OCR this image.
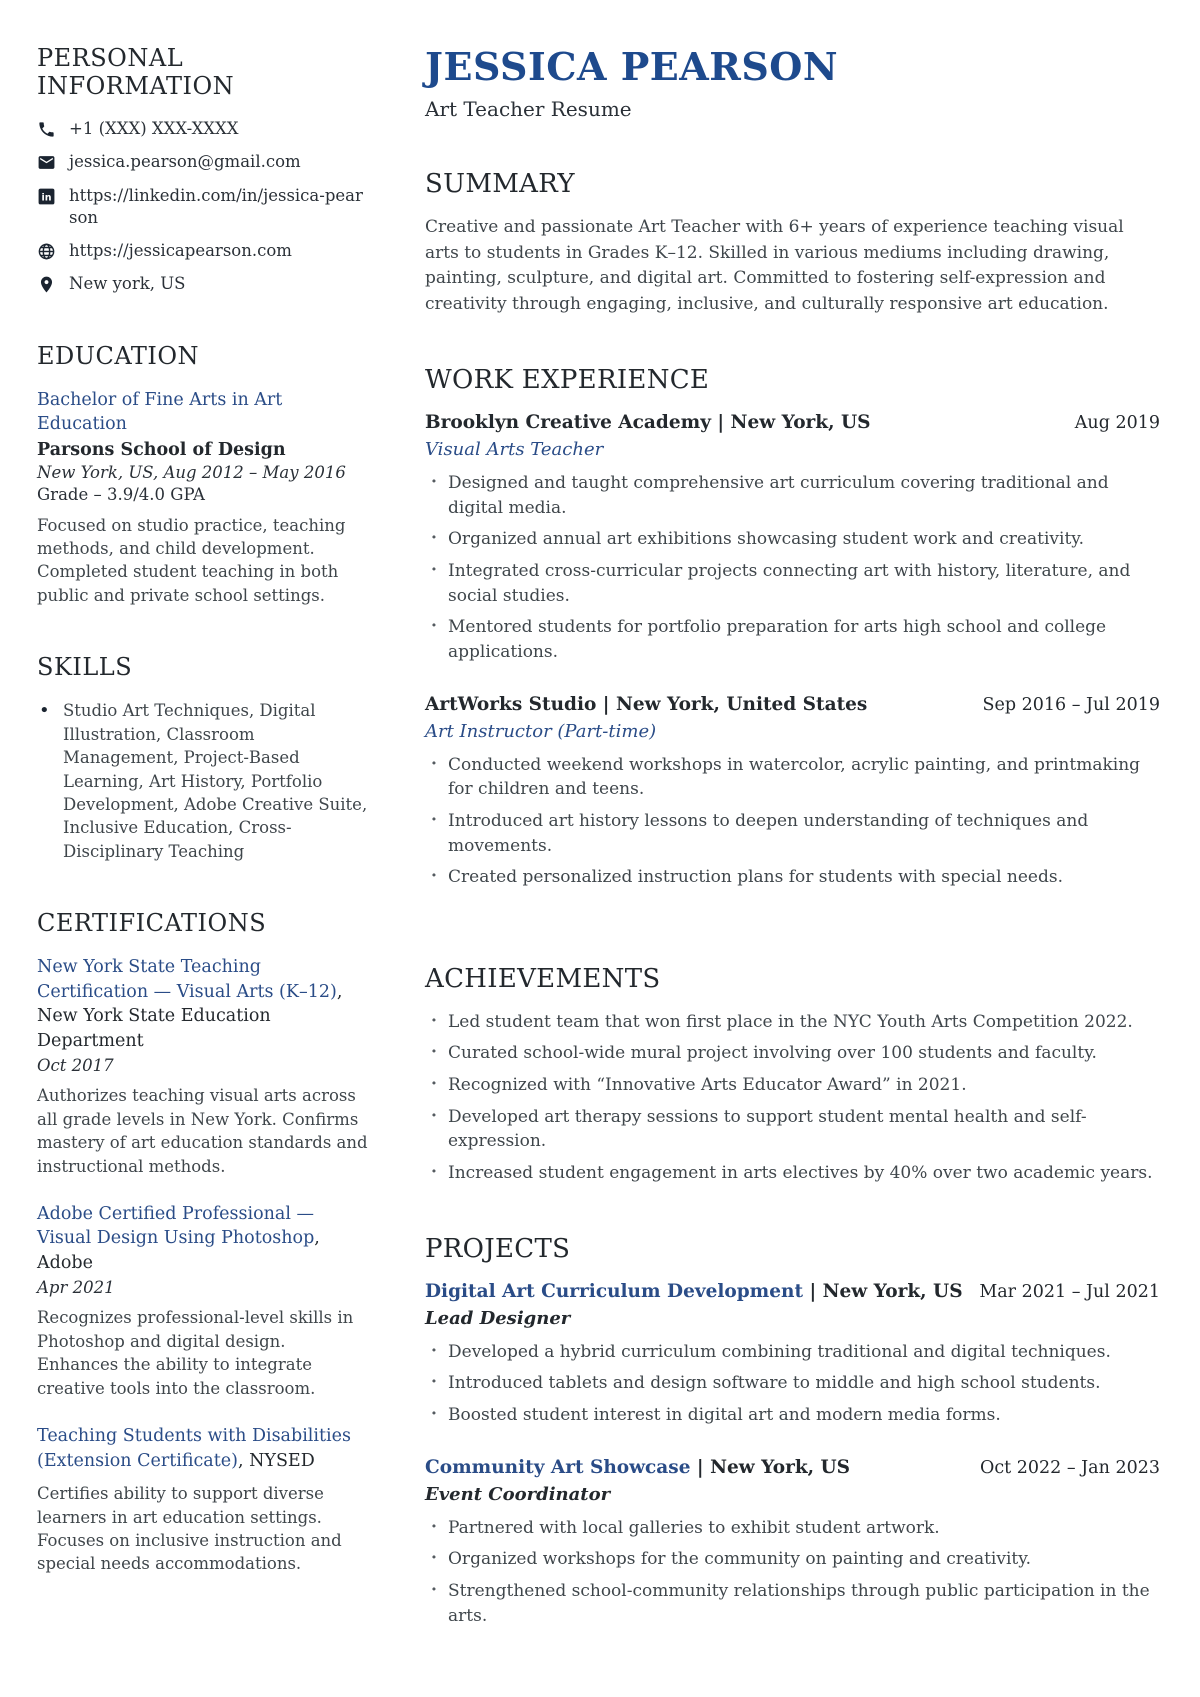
PERSONAL INFORMATION
+1 (XXX) XXX-XXXX
jessica.pearson@gmail.com
in https://linkedin.com/in/jessica-pearson
https://jessicapearson.com
New york, US
EDUCATION
Bachelor of Fine Arts in Art Education
Parsons School of Design
New York, US, Aug 2012 – May 2016
Grade – 3.9/4.0 GPA

Focused on studio practice, teaching methods, and child development. Completed student teaching in both public and private school settings.

SKILLS
• Studio Art Techniques, Digital Illustration, Classroom Management, Project-Based Learning, Art History, Portfolio Development, Adobe Creative Suite, Inclusive Education, Cross-Disciplinary Teaching
CERTIFICATIONS
New York State Teaching Certification — Visual Arts (K–12), New York State Education Department
Oct 2017

Authorizes teaching visual arts across all grade levels in New York. Confirms mastery of art education standards and instructional methods.

Adobe Certified Professional — Visual Design Using Photoshop, Adobe
Apr 2021

Recognizes professional-level skills in Photoshop and digital design. Enhances the ability to integrate creative tools into the classroom.

Teaching Students with Disabilities (Extension Certificate), NYSED

Certifies ability to support diverse learners in art education settings. Focuses on inclusive instruction and special needs accommodations.

JESSICA PEARSON
Art Teacher Resume
SUMMARY

Creative and passionate Art Teacher with 6+ years of experience teaching visual arts to students in Grades K–12. Skilled in various mediums including drawing, painting, sculpture, and digital art. Committed to fostering self-expression and creativity through engaging, inclusive, and culturally responsive art education.

WORK EXPERIENCE
Brooklyn Creative Academy | New York, US	Aug 2019
Visual Arts Teacher
· Designed and taught comprehensive art curriculum covering traditional and digital media.
· Organized annual art exhibitions showcasing student work and creativity.
· Integrated cross-curricular projects connecting art with history, literature, and social studies.
· Mentored students for portfolio preparation for arts high school and college applications.
ArtWorks Studio | New York, United States	Sep 2016 – Jul 2019
Art Instructor (Part-time)
· Conducted weekend workshops in watercolor, acrylic painting, and printmaking for children and teens.
· Introduced art history lessons to deepen understanding of techniques and movements.
· Created personalized instruction plans for students with special needs.
ACHIEVEMENTS
· Led student team that won first place in the NYC Youth Arts Competition 2022.
· Curated school-wide mural project involving over 100 students and faculty.
· Recognized with “Innovative Arts Educator Award” in 2021.
· Developed art therapy sessions to support student mental health and self-expression.
· Increased student engagement in arts electives by 40% over two academic years.
PROJECTS
Digital Art Curriculum Development | New York, US Mar 2021 – Jul 2021
Lead Designer
· Developed a hybrid curriculum combining traditional and digital techniques.
· Introduced tablets and design software to middle and high school students.
· Boosted student interest in digital art and modern media forms.
Community Art Showcase | New York, US	Oct 2022 – Jan 2023
Event Coordinator
· Partnered with local galleries to exhibit student artwork.
· Organized workshops for the community on painting and creativity.
· Strengthened school-community relationships through public participation in the arts.
